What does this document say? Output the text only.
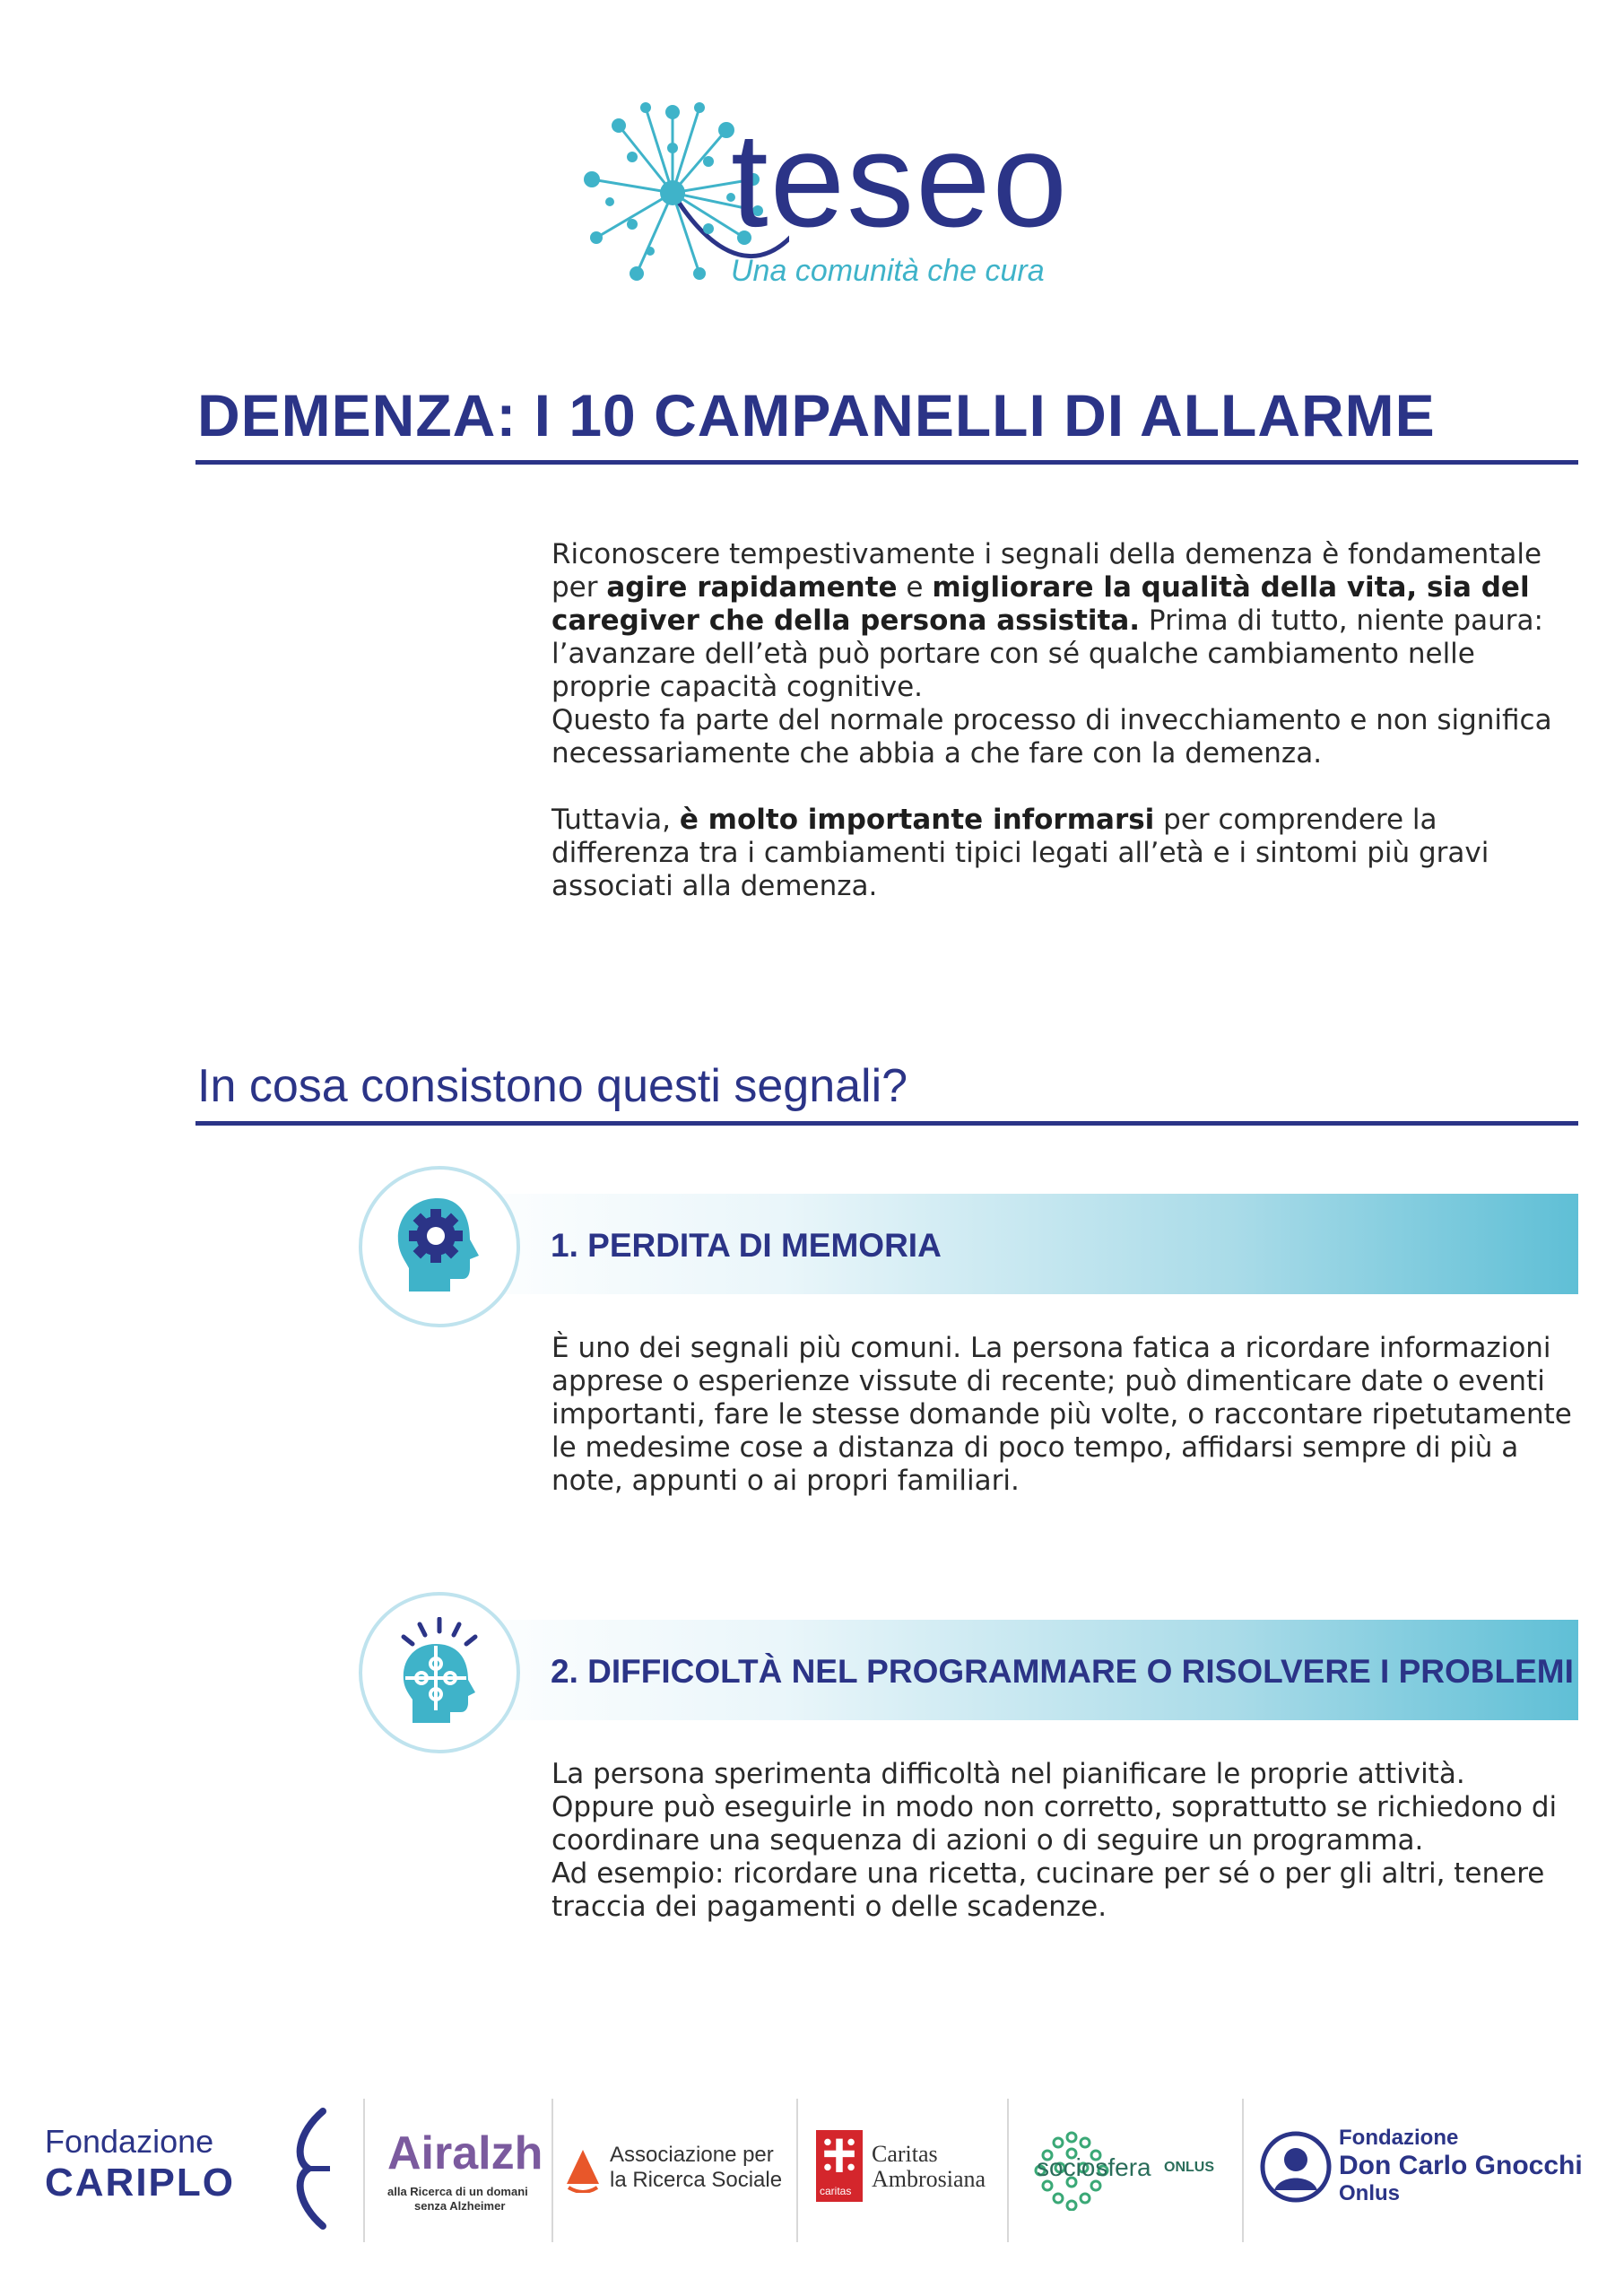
teseo
Una comunità che cura
DEMENZA: I 10 CAMPANELLI DI ALLARME
Riconoscere tempestivamente i segnali della demenza è fondamentale per agire rapidamente e migliorare la qualità della vita, sia del caregiver che della persona assistita. Prima di tutto, niente paura: l’avanzare dell’età può portare con sé qualche cambiamento nelle proprie capacità cognitive.
Questo fa parte del normale processo di invecchiamento e non significa necessariamente che abbia a che fare con la demenza.
Tuttavia, è molto importante informarsi per comprendere la differenza tra i cambiamenti tipici legati all’età e i sintomi più gravi associati alla demenza.
In cosa consistono questi segnali?
1. PERDITA DI MEMORIA
È uno dei segnali più comuni. La persona fatica a ricordare informazioni apprese o esperienze vissute di recente; può dimenticare date o eventi importanti, fare le stesse domande più volte, o raccontare ripetutamente le medesime cose a distanza di poco tempo, affidarsi sempre di più a note, appunti o ai propri familiari.
2. DIFFICOLTÀ NEL PROGRAMMARE O RISOLVERE I PROBLEMI
La persona sperimenta difficoltà nel pianificare le proprie attività. Oppure può eseguirle in modo non corretto, soprattutto se richiedono di coordinare una sequenza di azioni o di seguire un programma.
Ad esempio: ricordare una ricetta, cucinare per sé o per gli altri, tenere traccia dei pagamenti o delle scadenze.
Fondazione
CARIPLO
Airalzh
alla Ricerca di un domani
senza Alzheimer
Associazione per
la Ricerca Sociale	caritas
Caritas
Ambrosiana sociosfera ONLUS
Fondazione
Don Carlo Gnocchi
Onlus
